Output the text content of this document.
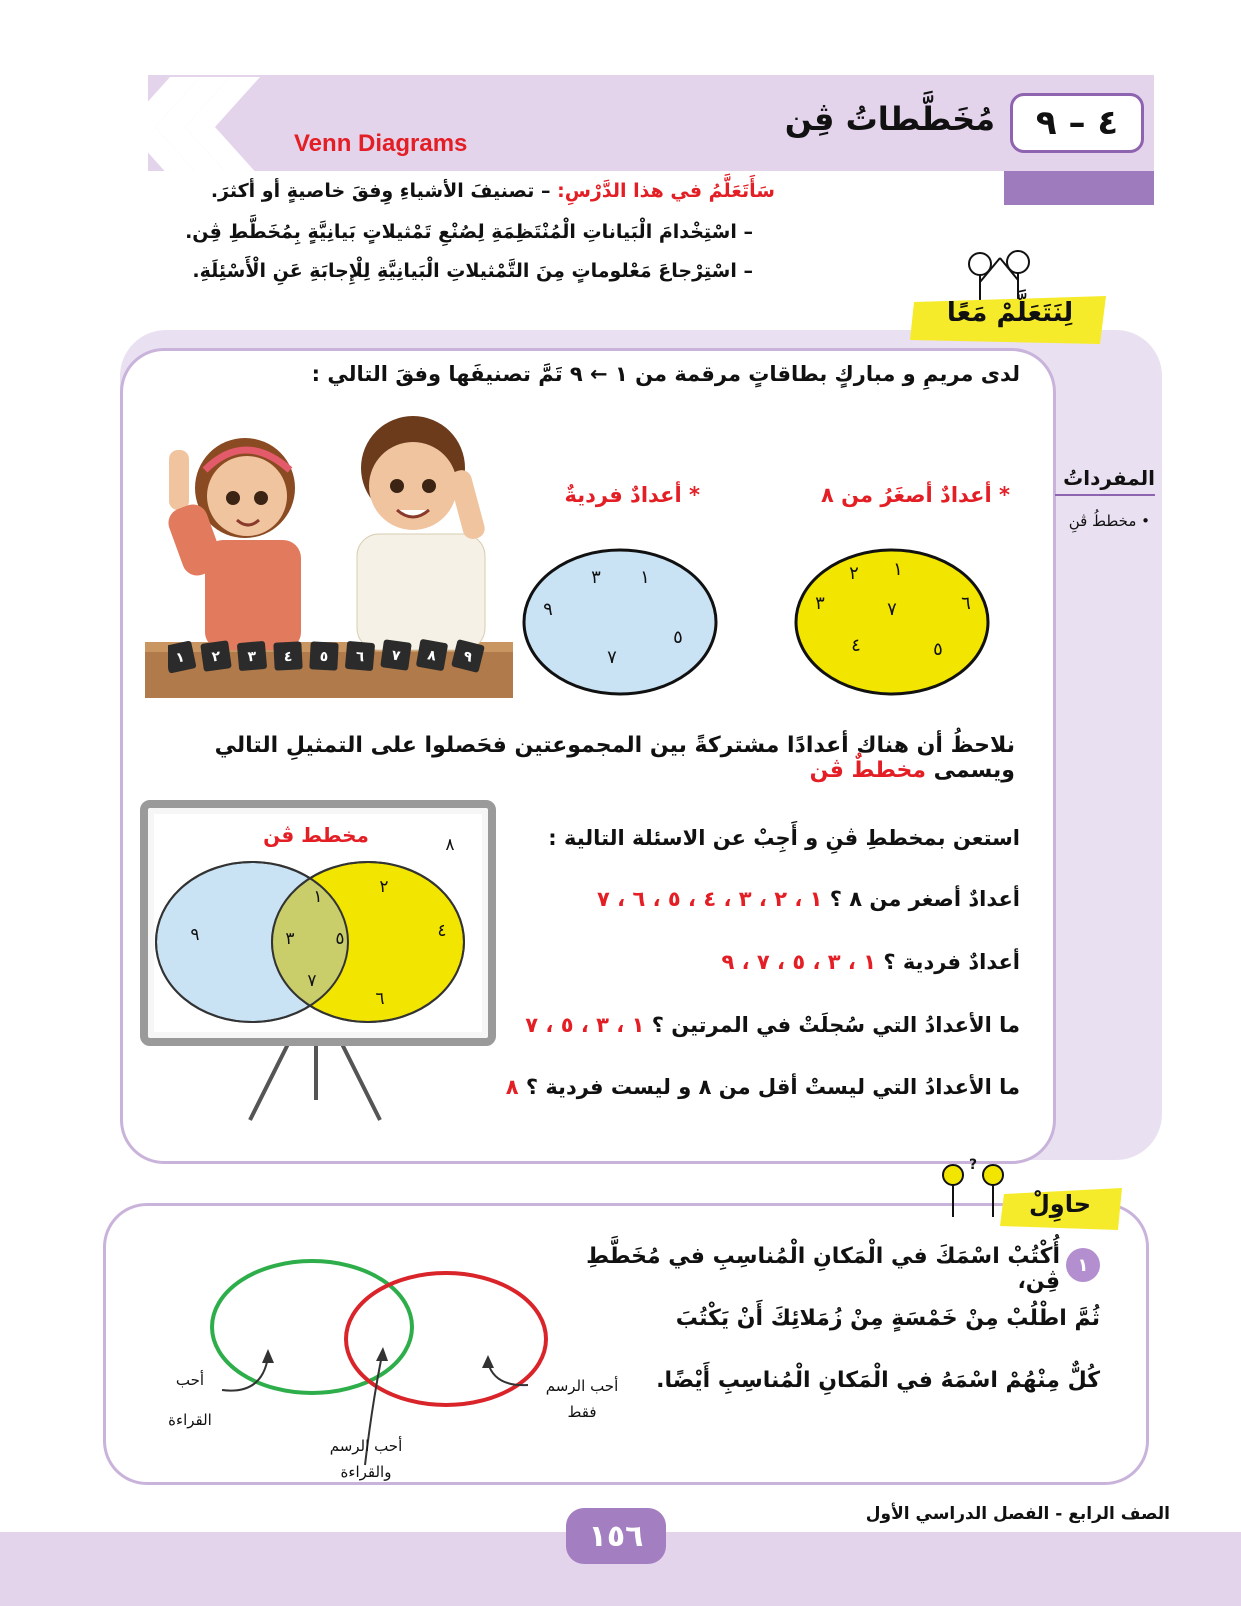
٤ – ٩
مُخَطَّطاتُ ڤِن
Venn Diagrams
سَأَتَعَلَّمُ في هذا الدَّرْسِ: – تصنيفَ الأشياءِ وِفقَ خاصيةٍ أو أكثرَ.
– اسْتِخْدامَ الْبَياناتِ الْمُنْتَظِمَةِ لِصُنْعِ تَمْثيلاتٍ بَيانِيَّةٍ بِمُخَطَّطِ ڤِن.
– اسْتِرْجاعَ مَعْلوماتٍ مِنَ التَّمْثيلاتِ الْبَيانِيَّةِ لِلْإِجابَةِ عَنِ الْأَسْئِلَةِ.
لِنَتَعَلَّمْ مَعًا
المفرداتُ
• مخططُ ڤنِ
لدى مريمِ و مباركٍ بطاقاتٍ مرقمة من ١ ← ٩ تَمَّ تصنيفَها وفقَ التالي :
* أعدادٌ أصغَرُ من ٨
* أعدادٌ فرديةٌ
١
٣
٩
٥
٧
١
٢
٣	٧	٦
٤	٥
١ ٢ ٣ ٤ ٥ ٦ ٧ ٨ ٩
نلاحظُ أن هناك أعدادًا مشتركةً بين المجموعتين فحَصلوا على التمثيلِ التالي ويسمى مخططٌ ڤن
مخطط ڤن	٨
٩
١
٣ ٥
٧
٢
٤
٦
استعن بمخططِ ڤنِ و أَجِبْ عن الاسئلة التالية :
أعدادٌ أصغر من ٨ ؟ ١ ، ٢ ، ٣ ، ٤ ، ٥ ، ٦ ، ٧
أعدادٌ فردية ؟ ١ ، ٣ ، ٥ ، ٧ ، ٩
ما الأعدادُ التي سُجلَتْ في المرتين ؟ ١ ، ٣ ، ٥ ، ٧
ما الأعدادُ التي ليستْ أقل من ٨ و ليست فردية ؟ ٨
?
حاوِلْ
١
أُكْتُبْ اسْمَكَ في الْمَكانِ الْمُناسِبِ في مُخَطَّطِ ڤِن،
ثُمَّ اطْلُبْ مِنْ خَمْسَةٍ مِنْ زُمَلائِكَ أَنْ يَكْتُبَ
كُلٌّ مِنْهُمْ اسْمَهُ في الْمَكانِ الْمُناسِبِ أَيْضًا.
أحب
القراءة
أحب الرسم
والقراءة
أحب الرسم
فقط
١٥٦
الصف الرابع - الفصل الدراسي الأول
